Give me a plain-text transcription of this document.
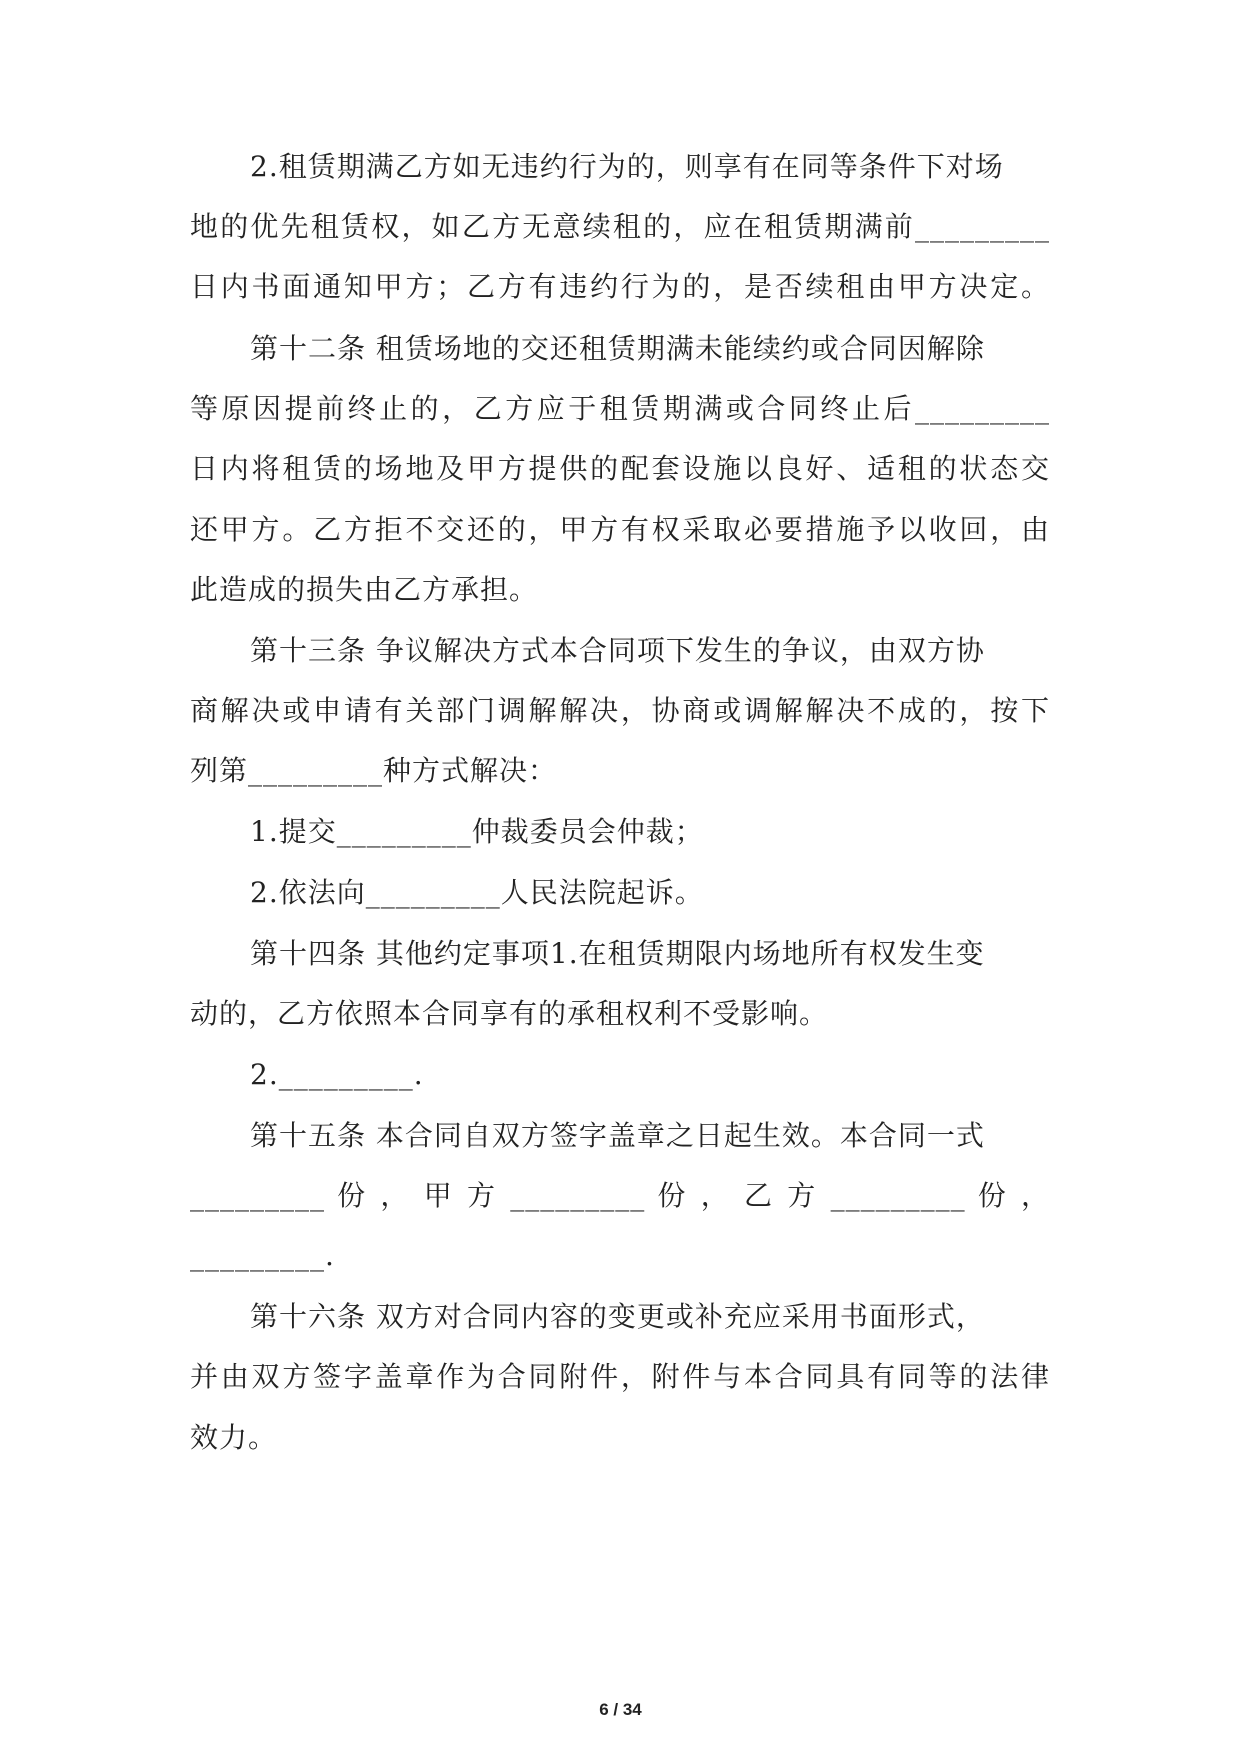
2.租赁期满乙方如无违约行为的，则享有在同等条件下对场
地的优先租赁权，如乙方无意续租的，应在租赁期满前_________
日内书面通知甲方；乙方有违约行为的，是否续租由甲方决定。
第十二条 租赁场地的交还租赁期满未能续约或合同因解除
等原因提前终止的，乙方应于租赁期满或合同终止后_________
日内将租赁的场地及甲方提供的配套设施以良好、适租的状态交
还甲方。乙方拒不交还的，甲方有权采取必要措施予以收回，由
此造成的损失由乙方承担。
第十三条 争议解决方式本合同项下发生的争议，由双方协
商解决或申请有关部门调解解决，协商或调解解决不成的，按下
列第_________种方式解决：
1.提交_________仲裁委员会仲裁；
2.依法向_________人民法院起诉。
第十四条 其他约定事项1.在租赁期限内场地所有权发生变
动的，乙方依照本合同享有的承租权利不受影响。
2._________.
第十五条 本合同自双方签字盖章之日起生效。本合同一式
_________ 份 ， 甲 方 _________ 份 ， 乙 方 _________ 份 ，
_________.
第十六条 双方对合同内容的变更或补充应采用书面形式，
并由双方签字盖章作为合同附件，附件与本合同具有同等的法律
效力。
6 / 34
